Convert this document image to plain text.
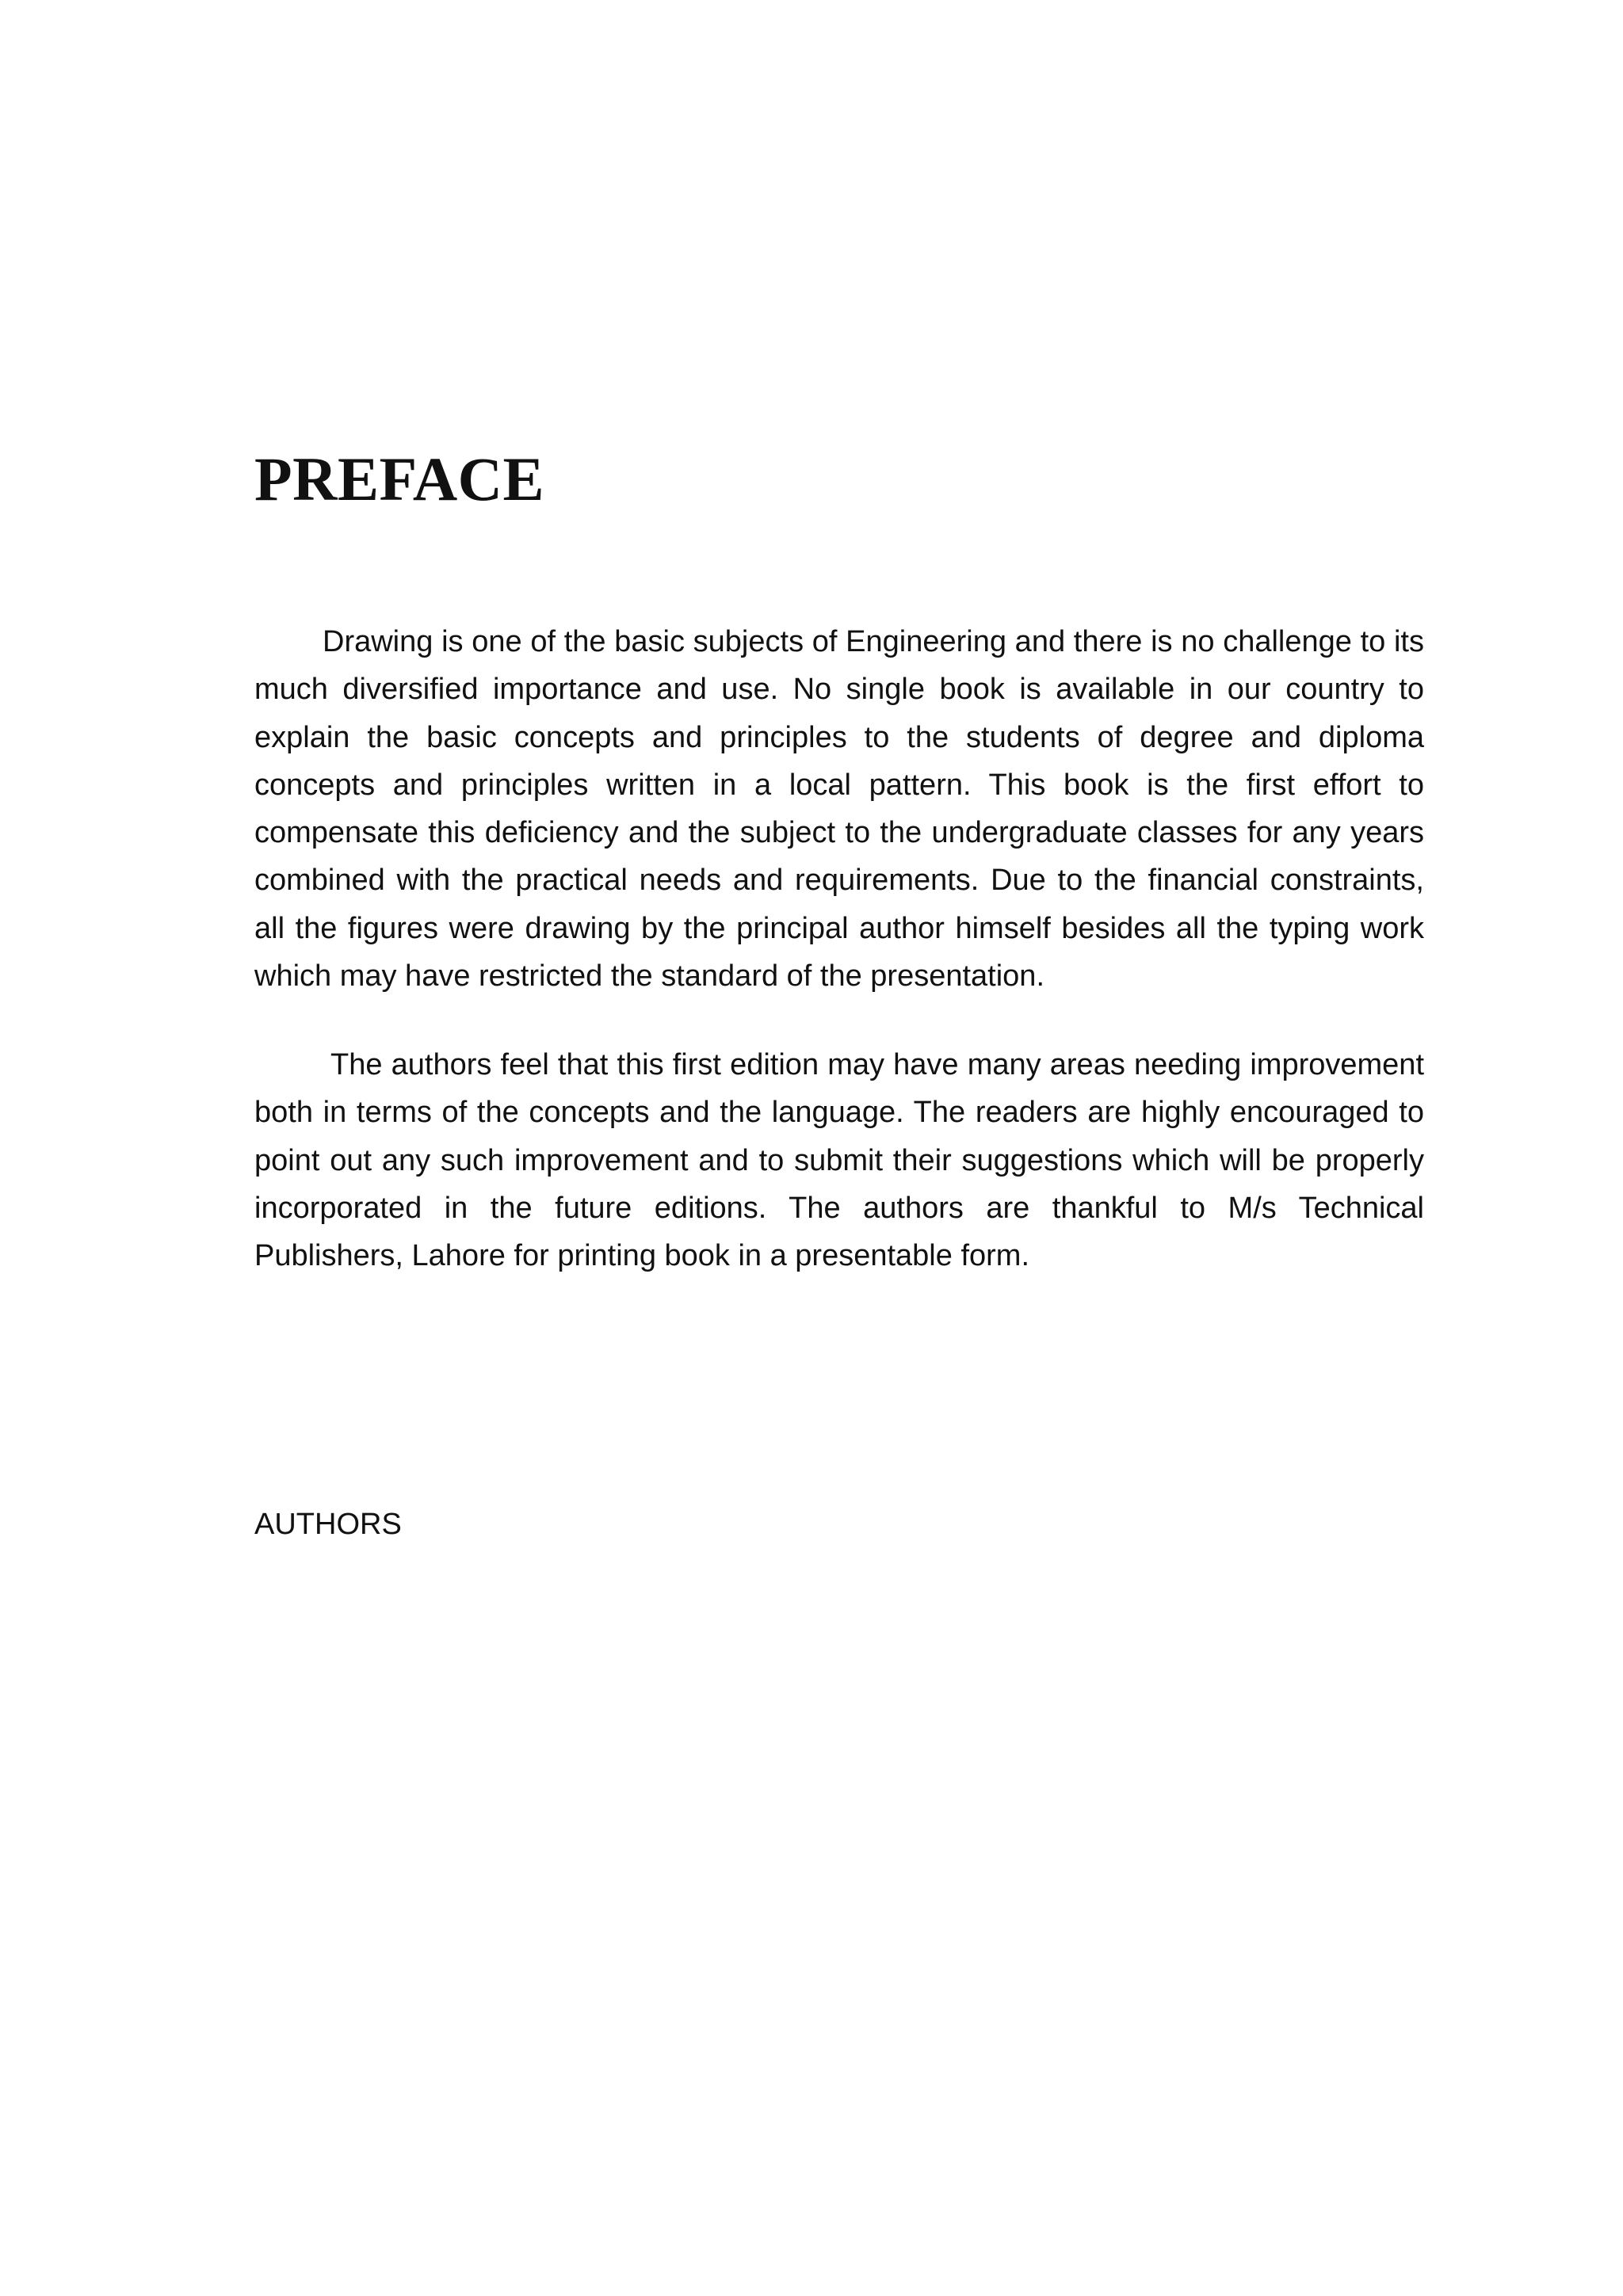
PREFACE

Drawing is one of the basic subjects of Engineering and there is no challenge to its much diversified importance and use. No single book is available in our country to explain the basic concepts and principles to the students of degree and diploma concepts and principles written in a local pattern. This book is the first effort to compensate this deficiency and the subject to the undergraduate classes for any years combined with the practical needs and requirements. Due to the financial constraints, all the figures were drawing by the principal author himself besides all the typing work which may have restricted the standard of the presentation.

The authors feel that this first edition may have many areas needing improvement both in terms of the concepts and the language. The readers are highly encouraged to point out any such improvement and to submit their suggestions which will be properly incorporated in the future editions. The authors are thankful to M/s Technical Publishers, Lahore for printing book in a presentable form.

AUTHORS
